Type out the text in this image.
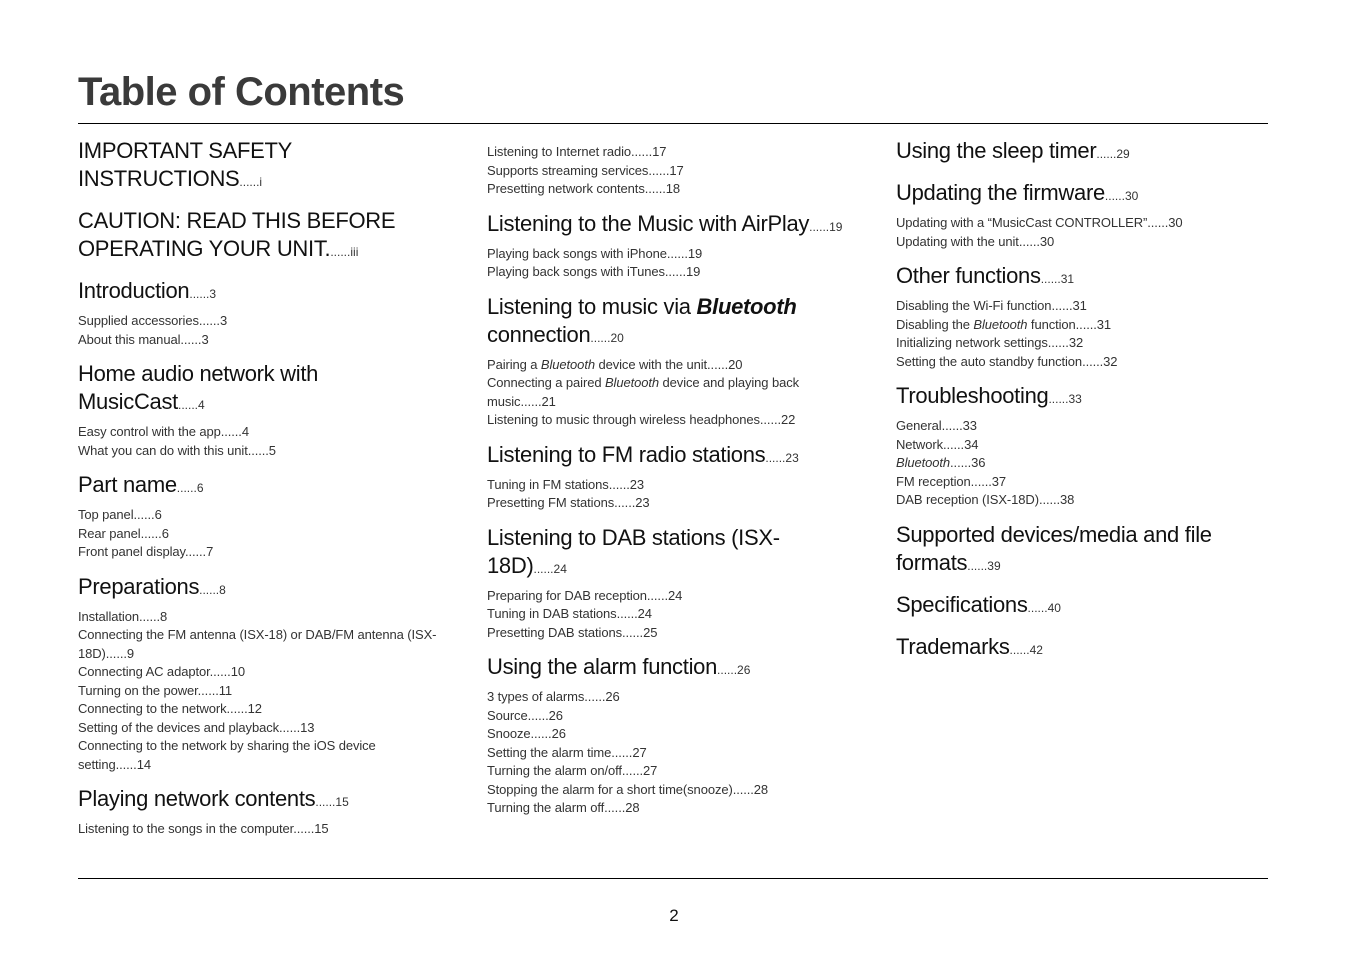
Table of Contents
IMPORTANT SAFETY INSTRUCTIONS......i
CAUTION: READ THIS BEFORE OPERATING YOUR UNIT.......iii
Introduction......3
Supplied accessories......3
About this manual......3
Home audio network with MusicCast......4
Easy control with the app......4
What you can do with this unit......5
Part name......6
Top panel......6
Rear panel......6
Front panel display......7
Preparations......8
Installation......8
Connecting the FM antenna (ISX-18) or DAB/FM antenna (ISX-18D)......9
Connecting AC adaptor......10
Turning on the power......11
Connecting to the network......12
Setting of the devices and playback......13
Connecting to the network by sharing the iOS device setting......14
Playing network contents......15
Listening to the songs in the computer......15
Listening to Internet radio......17
Supports streaming services......17
Presetting network contents......18
Listening to the Music with AirPlay......19
Playing back songs with iPhone......19
Playing back songs with iTunes......19
Listening to music via Bluetooth connection......20
Pairing a Bluetooth device with the unit......20
Connecting a paired Bluetooth device and playing back music......21
Listening to music through wireless headphones......22
Listening to FM radio stations......23
Tuning in FM stations......23
Presetting FM stations......23
Listening to DAB stations (ISX-18D)......24
Preparing for DAB reception......24
Tuning in DAB stations......24
Presetting DAB stations......25
Using the alarm function......26
3 types of alarms......26
Source......26
Snooze......26
Setting the alarm time......27
Turning the alarm on/off......27
Stopping the alarm for a short time(snooze)......28
Turning the alarm off......28
Using the sleep timer......29
Updating the firmware......30
Updating with a “MusicCast CONTROLLER”......30
Updating with the unit......30
Other functions......31
Disabling the Wi-Fi function......31
Disabling the Bluetooth function......31
Initializing network settings......32
Setting the auto standby function......32
Troubleshooting......33
General......33
Network......34
Bluetooth......36
FM reception......37
DAB reception (ISX-18D)......38
Supported devices/media and file formats......39
Specifications......40
Trademarks......42
2
